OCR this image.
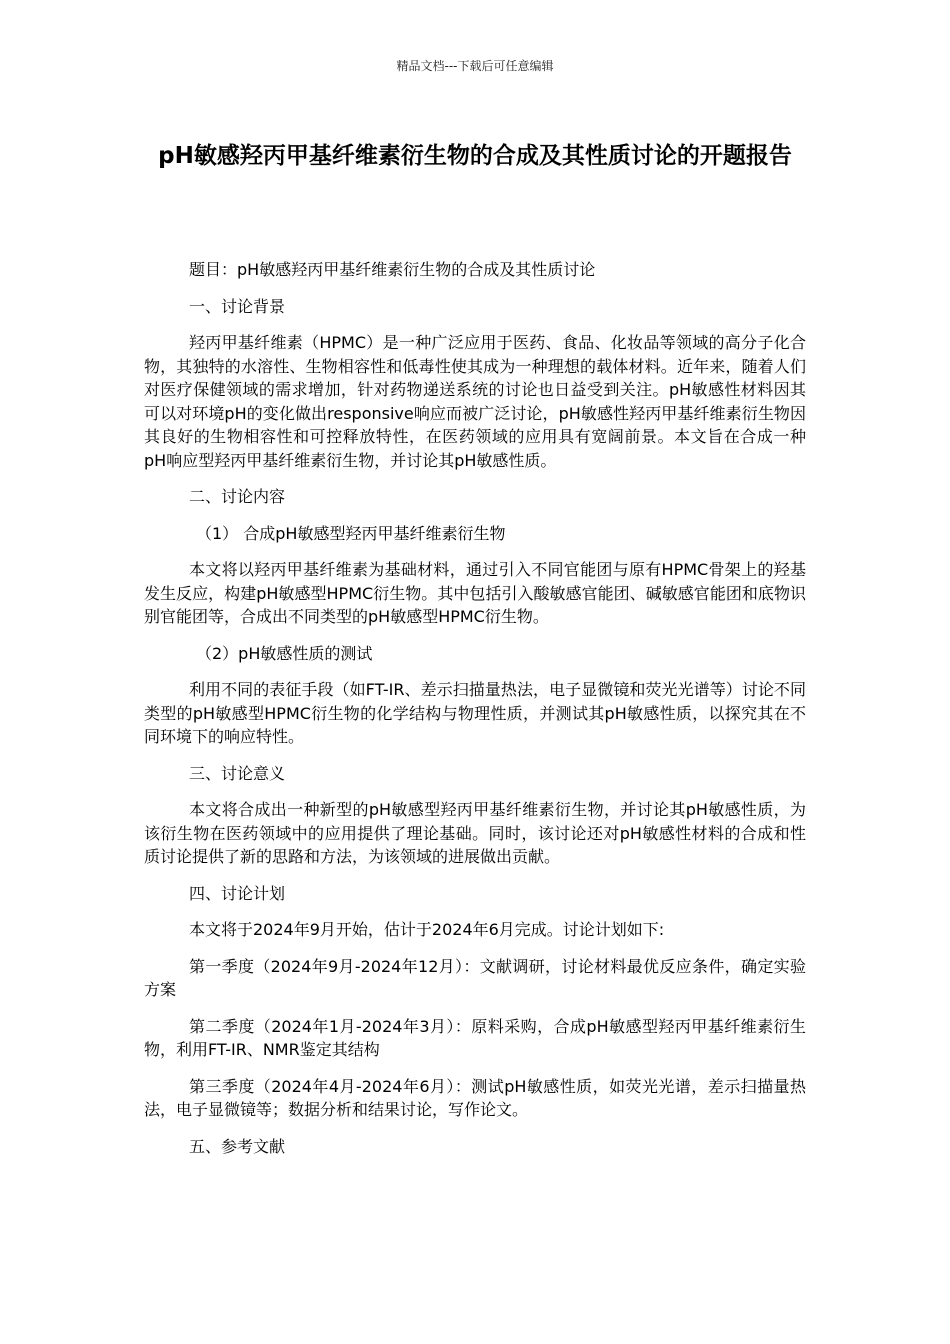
精品文档---下载后可任意编辑
pH敏感羟丙甲基纤维素衍生物的合成及其性质讨论的开题报告

题目：pH敏感羟丙甲基纤维素衍生物的合成及其性质讨论

一、讨论背景

羟丙甲基纤维素（HPMC）是一种广泛应用于医药、食品、化妆品等领域的高分子化合物，其独特的水溶性、生物相容性和低毒性使其成为一种理想的载体材料。近年来，随着人们对医疗保健领域的需求增加，针对药物递送系统的讨论也日益受到关注。pH敏感性材料因其可以对环境pH的变化做出responsive响应而被广泛讨论，pH敏感性羟丙甲基纤维素衍生物因其良好的生物相容性和可控释放特性，在医药领域的应用具有宽阔前景。本文旨在合成一种pH响应型羟丙甲基纤维素衍生物，并讨论其pH敏感性质。

二、讨论内容

（1） 合成pH敏感型羟丙甲基纤维素衍生物

本文将以羟丙甲基纤维素为基础材料，通过引入不同官能团与原有HPMC骨架上的羟基发生反应，构建pH敏感型HPMC衍生物。其中包括引入酸敏感官能团、碱敏感官能团和底物识别官能团等，合成出不同类型的pH敏感型HPMC衍生物。

（2）pH敏感性质的测试

利用不同的表征手段（如FT-IR、差示扫描量热法，电子显微镜和荧光光谱等）讨论不同类型的pH敏感型HPMC衍生物的化学结构与物理性质，并测试其pH敏感性质，以探究其在不同环境下的响应特性。

三、讨论意义

本文将合成出一种新型的pH敏感型羟丙甲基纤维素衍生物，并讨论其pH敏感性质，为该衍生物在医药领域中的应用提供了理论基础。同时，该讨论还对pH敏感性材料的合成和性质讨论提供了新的思路和方法，为该领域的进展做出贡献。

四、讨论计划

本文将于2024年9月开始，估计于2024年6月完成。讨论计划如下:

第一季度（2024年9月-2024年12月）：文献调研，讨论材料最优反应条件，确定实验方案

第二季度（2024年1月-2024年3月）：原料采购，合成pH敏感型羟丙甲基纤维素衍生物，利用FT-IR、NMR鉴定其结构

第三季度（2024年4月-2024年6月）：测试pH敏感性质，如荧光光谱，差示扫描量热法，电子显微镜等；数据分析和结果讨论，写作论文。

五、参考文献
